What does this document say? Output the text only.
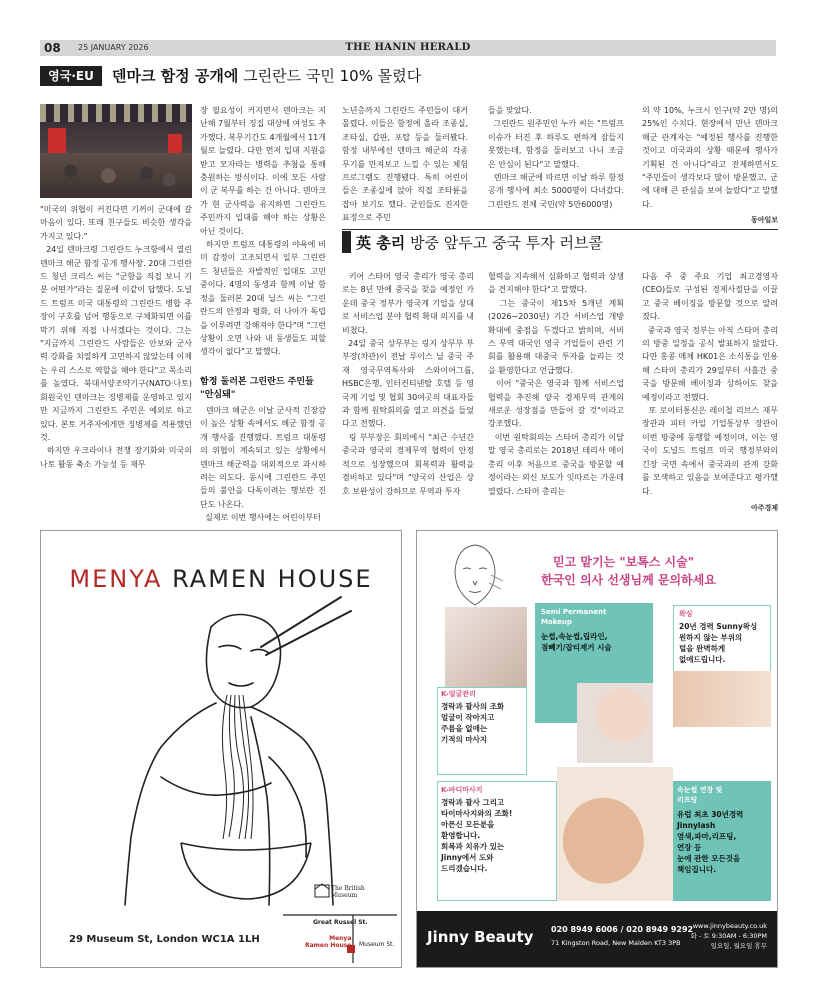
08 25 JANUARY 2026	THE HANIN HERALD
영국·EU	덴마크 함정 공개에 그린란드 국민 10% 몰렸다
"미국의 위협이 커진다면 기꺼이 군대에 갈 마음이 있다. 또래 친구들도 비슷한 생각을 가지고 있다."
24일 덴마크령 그린란드 누크항에서 열린 덴마크 해군 함정 공개 행사장. 20대 그린란드 청년 크리스 씨는 "군함을 직접 보니 기분 어떤가"라는 질문에 이같이 답했다. 도널드 트럼프 미국 대통령의 그린란드 병합 주장이 구호를 넘어 행동으로 구체화되면 이를 막기 위해 직접 나서겠다는 것이다. 그는 "지금까지 그린란드 사람들은 안보와 군사력 강화를 치열하게 고민하지 않았는데 이제는 우리 스스로 역할을 해야 한다"고 목소리를 높였다. 북대서양조약기구(NATO·나토) 회원국인 덴마크는 징병제를 운영하고 있지만 지금까지 그린란드 주민은 예외로 하고 있다. 본토 거주자에게만 징병제를 적용했던 것.
하지만 우크라이나 전쟁 장기화와 미국의 나토 활동 축소 가능성 등 재무
장 필요성이 커지면서 덴마크는 지난해 7월부터 징집 대상에 여성도 추가했다. 복무기간도 4개월에서 11개월로 늘렸다. 다만 먼저 입대 지원을 받고 모자라는 병력을 추첨을 통해 충원하는 방식이다. 이에 모든 사람이 군 복무를 하는 건 아니다. 덴마크가 현 군사력을 유지하면 그린란드 주민까지 입대를 해야 하는 상황은 아닌 것이다.
하지만 트럼프 대통령의 야욕에 비미 감정이 고조되면서 일부 그린란드 청년들은 자발적인 입대도 고민 중이다. 4명의 동생과 함께 이날 함정을 둘러본 20대 닐스 씨는 "그린란드의 안정과 평화, 더 나아가 독립을 이루려면 강해져야 한다"며 "그런 상황이 오면 나와 내 동생들도 피할 생각이 없다"고 말했다.
함정 둘러본 그린란드 주민들
"안심돼"
덴마크 해군은 이날 군사적 긴장감이 높은 상황 속에서도 해군 함정 공개 행사를 진행했다. 트럼프 대통령의 위협이 계속되고 있는 상황에서 덴마크 해군력을 대외적으로 과시하려는 의도다. 동시에 그린란드 주민들의 불안을 다독이려는 행보란 진단도 나온다.
실제로 이번 행사에는 어린이부터
노년층까지 그린란드 주민들이 대거 몰렸다. 이들은 함정에 올라 조종실, 조타실, 갑판, 포탑 등을 둘러봤다. 함정 내부에선 덴마크 해군의 각종 무기를 만져보고 느낄 수 있는 체험 프로그램도 진행됐다. 특히 어린이들은 조종실에 앉아 직접 조타륜을 잡아 보기도 했다. 군인들도 진지한 표정으로 주민
들을 맞았다.
그린란드 원주민인 누카 씨는 "트럼프 이슈가 터진 후 하루도 편하게 잠들지 못했는데, 함정을 둘러보고 나니 조금은 안심이 된다"고 말했다.
덴마크 해군에 따르면 이날 하루 함정 공개 행사에 최소 5000명이 다녀갔다. 그린란드 전체 국민(약 5만6000명)
의 약 10%, 누크시 인구(약 2만 명)의 25%인 수치다. 현장에서 만난 덴마크 해군 관계자는 "예정된 행사를 진행한 것이고 미국과의 상황 때문에 행사가 기획된 건 아니다"라고 전제하면서도 "주민들이 생각보다 많이 방문했고, 군에 대해 큰 관심을 보여 놀랐다"고 말했다.
동아일보
英 총리 방중 앞두고 중국 투자 러브콜
키어 스타머 영국 총리가 영국 총리로는 8년 만에 중국을 찾을 예정인 가운데 중국 정부가 영국계 기업을 상대로 서비스업 분야 협력 확대 의지를 내비쳤다.
24일 중국 상무부는 링지 상무부 부부장(차관)이 전날 루이스 닐 중국 주재 영국무역특사와 스와이어그룹, HSBC은행, 인터컨티넨탈 호텔 등 영국계 기업 및 협회 30여곳의 대표자들과 함께 원탁회의를 열고 의견을 들었다고 전했다.
링 부부장은 회의에서 "최근 수년간 중국과 영국의 경제무역 협력이 안정적으로 성장했으며 회복력과 활력을 겸비하고 있다"며 "양국의 산업은 상호 보완성이 강하므로 무역과 투자
협력을 지속해서 심화하고 협력과 상생을 견지해야 한다"고 말했다.
그는 중국이 제15차 5개년 계획(2026∼2030년) 기간 서비스업 개방 확대에 중점을 두겠다고 밝히며, 서비스 무역 대국인 영국 기업들이 관련 기회를 활용해 대중국 투자를 늘리는 것을 환영한다고 언급했다.
이어 "중국은 영국과 함께 서비스업 협력을 추진해 양국 경제무역 관계의 새로운 성장점을 만들어 갈 것"이라고 강조했다.
이번 원탁회의는 스타머 총리가 이달 말 영국 총리로는 2018년 테리사 메이 총리 이후 처음으로 중국을 방문할 예정이라는 외신 보도가 잇따르는 가운데 열렸다. 스타머 총리는
다음 주 중 주요 기업 최고경영자(CEO)들로 구성된 경제사절단을 이끌고 중국 베이징을 방문할 것으로 알려졌다.
중국과 영국 정부는 아직 스타머 총리의 방중 일정을 공식 발표하지 않았다. 다만 홍콩 매체 HK01은 소식통을 인용해 스타머 총리가 29일부터 사흘간 중국을 방문해 베이징과 상하이도 찾을 예정이라고 전했다.
또 로이터통신은 레이철 리브스 재무장관과 피터 카일 기업통상부 장관이 이번 방중에 동행할 예정이며, 이는 영국이 도널드 트럼프 미국 행정부와의 긴장 국면 속에서 중국과의 관계 강화를 모색하고 있음을 보여준다고 평가했다.
아주경제
MENYA RAMEN HOUSE
29 Museum St, London WC1A 1LH
The British
Museum
Great Russel St.
Menya
Ramen House Museum St.
믿고 맡기는 "보톡스 시술"
한국인 의사 선생님께 문의하세요
Semi Permanent
Makeup
눈썹,속눈썹,립라인,
점빼기/잡티제거 시술
왁싱
20년 경력 Sunny왁싱
원하지 않는 부위의
털을 완벽하게
없애드립니다.
K-얼굴관리
경락과 괄사의 조화
얼굴이 작아지고
주름을 없애는
기적의 마사지
K-바디마사지
경락과 괄사 그리고
타이마사지와의 조화!
아픈신 모든분을
환영합니다.
회복과 치유가 있는
Jinny에서 도와
드리겠습니다.
속눈썹 연장 및
리프팅
유럽 최초 30년경력
Jinnylash
염색,파마,리프팅,
연장 등
눈에 관한 모든것을
책임집니다.
Jinny Beauty 020 8949 6006 / 020 8949 9292
71 Kingston Road, New Malden KT3 3PB
www.jinnybeauty.co.uk
화 - 토 9:30AM - 6:30PM
일요일, 월요일 휴무
